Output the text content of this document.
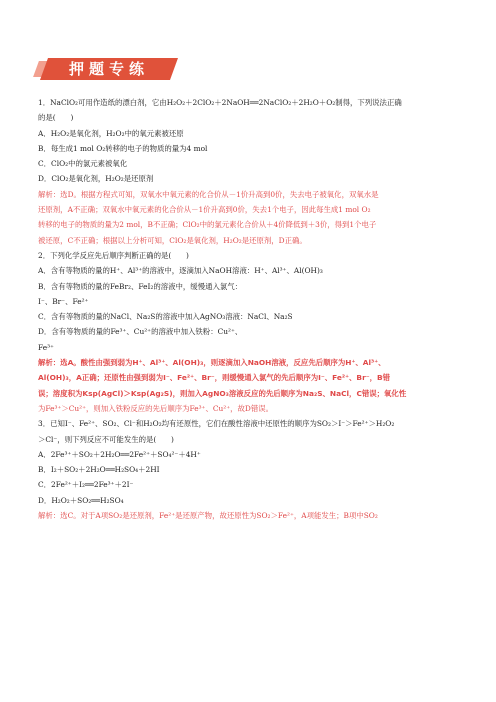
押题专练
1．NaClO₂可用作造纸的漂白剂，它由H₂O₂＋2ClO₂＋2NaOH══2NaClO₂＋2H₂O＋O₂制得，下列说法正确
的是(　　)
A．H₂O₂是氧化剂，H₂O₂中的氧元素被还原
B．每生成1 mol O₂转移的电子的物质的量为4 mol
C．ClO₂中的氯元素被氧化
D．ClO₂是氧化剂，H₂O₂是还原剂
解析：选D。根据方程式可知，双氧水中氧元素的化合价从－1价升高到0价，失去电子被氧化，双氧水是
还原剂，A不正确；双氧水中氧元素的化合价从－1价升高到0价，失去1个电子，因此每生成1 mol O₂
转移的电子的物质的量为2 mol，B不正确；ClO₂中的氯元素化合价从＋4价降低到＋3价，得到1个电子
被还原，C不正确；根据以上分析可知，ClO₂是氧化剂，H₂O₂是还原剂，D正确。
2．下列化学反应先后顺序判断正确的是(　　)
A．含有等物质的量的H⁺、Al³⁺的溶液中，逐滴加入NaOH溶液：H⁺、Al³⁺、Al(OH)₃
B．含有等物质的量的FeBr₂、FeI₂的溶液中，缓慢通入氯气：
I⁻、Br⁻、Fe²⁺
C．含有等物质的量的NaCl、Na₂S的溶液中加入AgNO₃溶液：NaCl、Na₂S
D．含有等物质的量的Fe³⁺、Cu²⁺的溶液中加入铁粉：Cu²⁺、
Fe³⁺
解析：选A。酸性由强到弱为H⁺、Al³⁺、Al(OH)₃，则逐滴加入NaOH溶液，反应先后顺序为H⁺、Al³⁺、
Al(OH)₃，A正确；还原性由强到弱为I⁻、Fe²⁺、Br⁻，则缓慢通入氯气的先后顺序为I⁻、Fe²⁺、Br⁻，B错
误；溶度积为Ksp(AgCl)＞Ksp(Ag₂S)，则加入AgNO₃溶液反应的先后顺序为Na₂S、NaCl，C错误；氧化性
为Fe³⁺＞Cu²⁺，则加入铁粉反应的先后顺序为Fe³⁺、Cu²⁺，故D错误。
3．已知I⁻、Fe²⁺、SO₂、Cl⁻和H₂O₂均有还原性，它们在酸性溶液中还原性的顺序为SO₂＞I⁻＞Fe²⁺＞H₂O₂
＞Cl⁻，则下列反应不可能发生的是(　　)
A．2Fe³⁺＋SO₂＋2H₂O══2Fe²⁺＋SO₄²⁻＋4H⁺
B．I₂＋SO₂＋2H₂O══H₂SO₄＋2HI
C．2Fe²⁺＋I₂══2Fe³⁺＋2I⁻
D．H₂O₂＋SO₂══H₂SO₄
解析：选C。对于A项SO₂是还原剂，Fe²⁺是还原产物，故还原性为SO₂＞Fe²⁺，A项能发生；B项中SO₂
